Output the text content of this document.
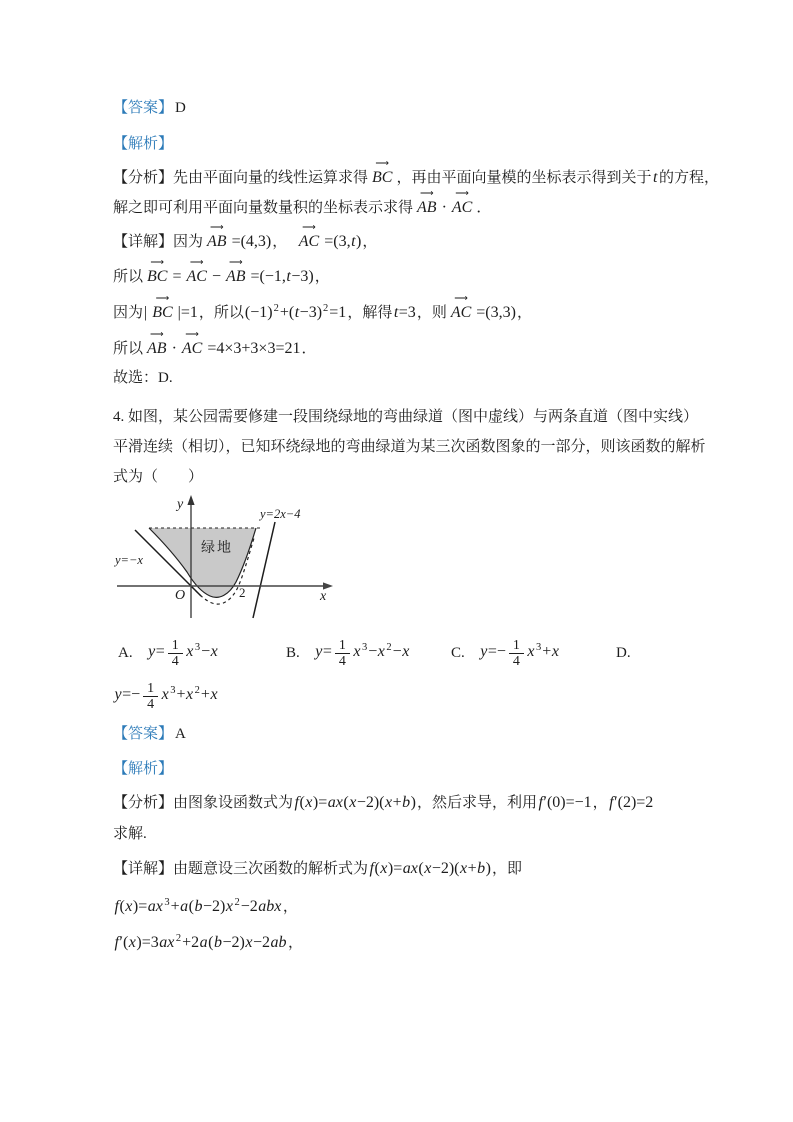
【答案】 D

【解析】

【分析】先由平面向量的线性运算求得 ⟶ BC ，再由平面向量模的坐标表示得到关于t 的方程，

解之即可利用平面向量数量积的坐标表示求得 ⟶ AB · ⟶ AC ．

【详解】因为 ⟶ AB =(4,3)，　⟶ AC =(3,t)，

所以 ⟶ BC = ⟶ AC − ⟶ AB =(−1,t−3)，

因为| ⟶ BC |=1，所以$(-1)^2+(t-3)^2=1$，解得t=3，则 ⟶ AC =(3,3)，

所以 ⟶ AB · ⟶ AC =4×3+3×3=21．

故选：D.

4. 如图，某公园需要修建一段围绕绿地的弯曲绿道（图中虚线）与两条直道（图中实线）

平滑连续（相切），已知环绕绿地的弯曲绿道为某三次函数图象的一部分，则该函数的解析

式为（　　）

y
x
O	2
y=−x
y=2x−4
绿地
A. $y= \frac{1}{4}$ x $^3$−x	B. $y= \frac{1}{4}$ x $^3$−x $^2$−x	C. $y=- \frac{1}{4}$ x $^3$+x	D.
$y=- \frac{1}{4}$ x $^3$+x $^2$+x

【答案】 A

【解析】

【分析】由图象设函数式为f(x)=ax(x−2)(x+b)，然后求导，利用f′(0)=−1，f′(2)=2

求解.

【详解】由题意设三次函数的解析式为f(x)=ax(x−2)(x+b)，即

f(x)=ax $^3$+a(b−2)x $^2$−2abx ，

f′(x)=3ax $^2$+2a(b−2)x−2ab ，
